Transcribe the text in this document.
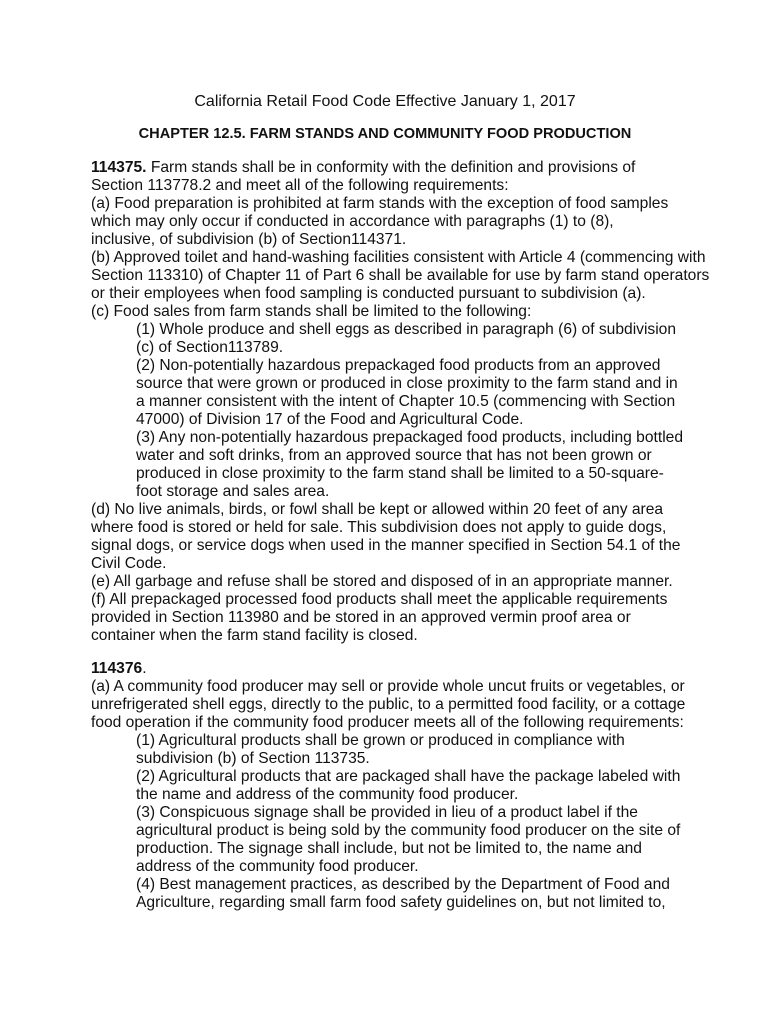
California Retail Food Code Effective January 1, 2017
CHAPTER 12.5. FARM STANDS AND COMMUNITY FOOD PRODUCTION
114375. Farm stands shall be in conformity with the definition and provisions of
Section 113778.2 and meet all of the following requirements:
(a) Food preparation is prohibited at farm stands with the exception of food samples
which may only occur if conducted in accordance with paragraphs (1) to (8),
inclusive, of subdivision (b) of Section114371.
(b) Approved toilet and hand-washing facilities consistent with Article 4 (commencing with
Section 113310) of Chapter 11 of Part 6 shall be available for use by farm stand operators
or their employees when food sampling is conducted pursuant to subdivision (a).
(c) Food sales from farm stands shall be limited to the following:
(1) Whole produce and shell eggs as described in paragraph (6) of subdivision
(c) of Section113789.
(2) Non-potentially hazardous prepackaged food products from an approved
source that were grown or produced in close proximity to the farm stand and in
a manner consistent with the intent of Chapter 10.5 (commencing with Section
47000) of Division 17 of the Food and Agricultural Code.
(3) Any non-potentially hazardous prepackaged food products, including bottled
water and soft drinks, from an approved source that has not been grown or
produced in close proximity to the farm stand shall be limited to a 50-square-
foot storage and sales area.
(d) No live animals, birds, or fowl shall be kept or allowed within 20 feet of any area
where food is stored or held for sale. This subdivision does not apply to guide dogs,
signal dogs, or service dogs when used in the manner specified in Section 54.1 of the
Civil Code.
(e) All garbage and refuse shall be stored and disposed of in an appropriate manner.
(f) All prepackaged processed food products shall meet the applicable requirements
provided in Section 113980 and be stored in an approved vermin proof area or
container when the farm stand facility is closed.
114376.
(a) A community food producer may sell or provide whole uncut fruits or vegetables, or
unrefrigerated shell eggs, directly to the public, to a permitted food facility, or a cottage
food operation if the community food producer meets all of the following requirements:
(1) Agricultural products shall be grown or produced in compliance with
subdivision (b) of Section 113735.
(2) Agricultural products that are packaged shall have the package labeled with
the name and address of the community food producer.
(3) Conspicuous signage shall be provided in lieu of a product label if the
agricultural product is being sold by the community food producer on the site of
production. The signage shall include, but not be limited to, the name and
address of the community food producer.
(4) Best management practices, as described by the Department of Food and
Agriculture, regarding small farm food safety guidelines on, but not limited to,
